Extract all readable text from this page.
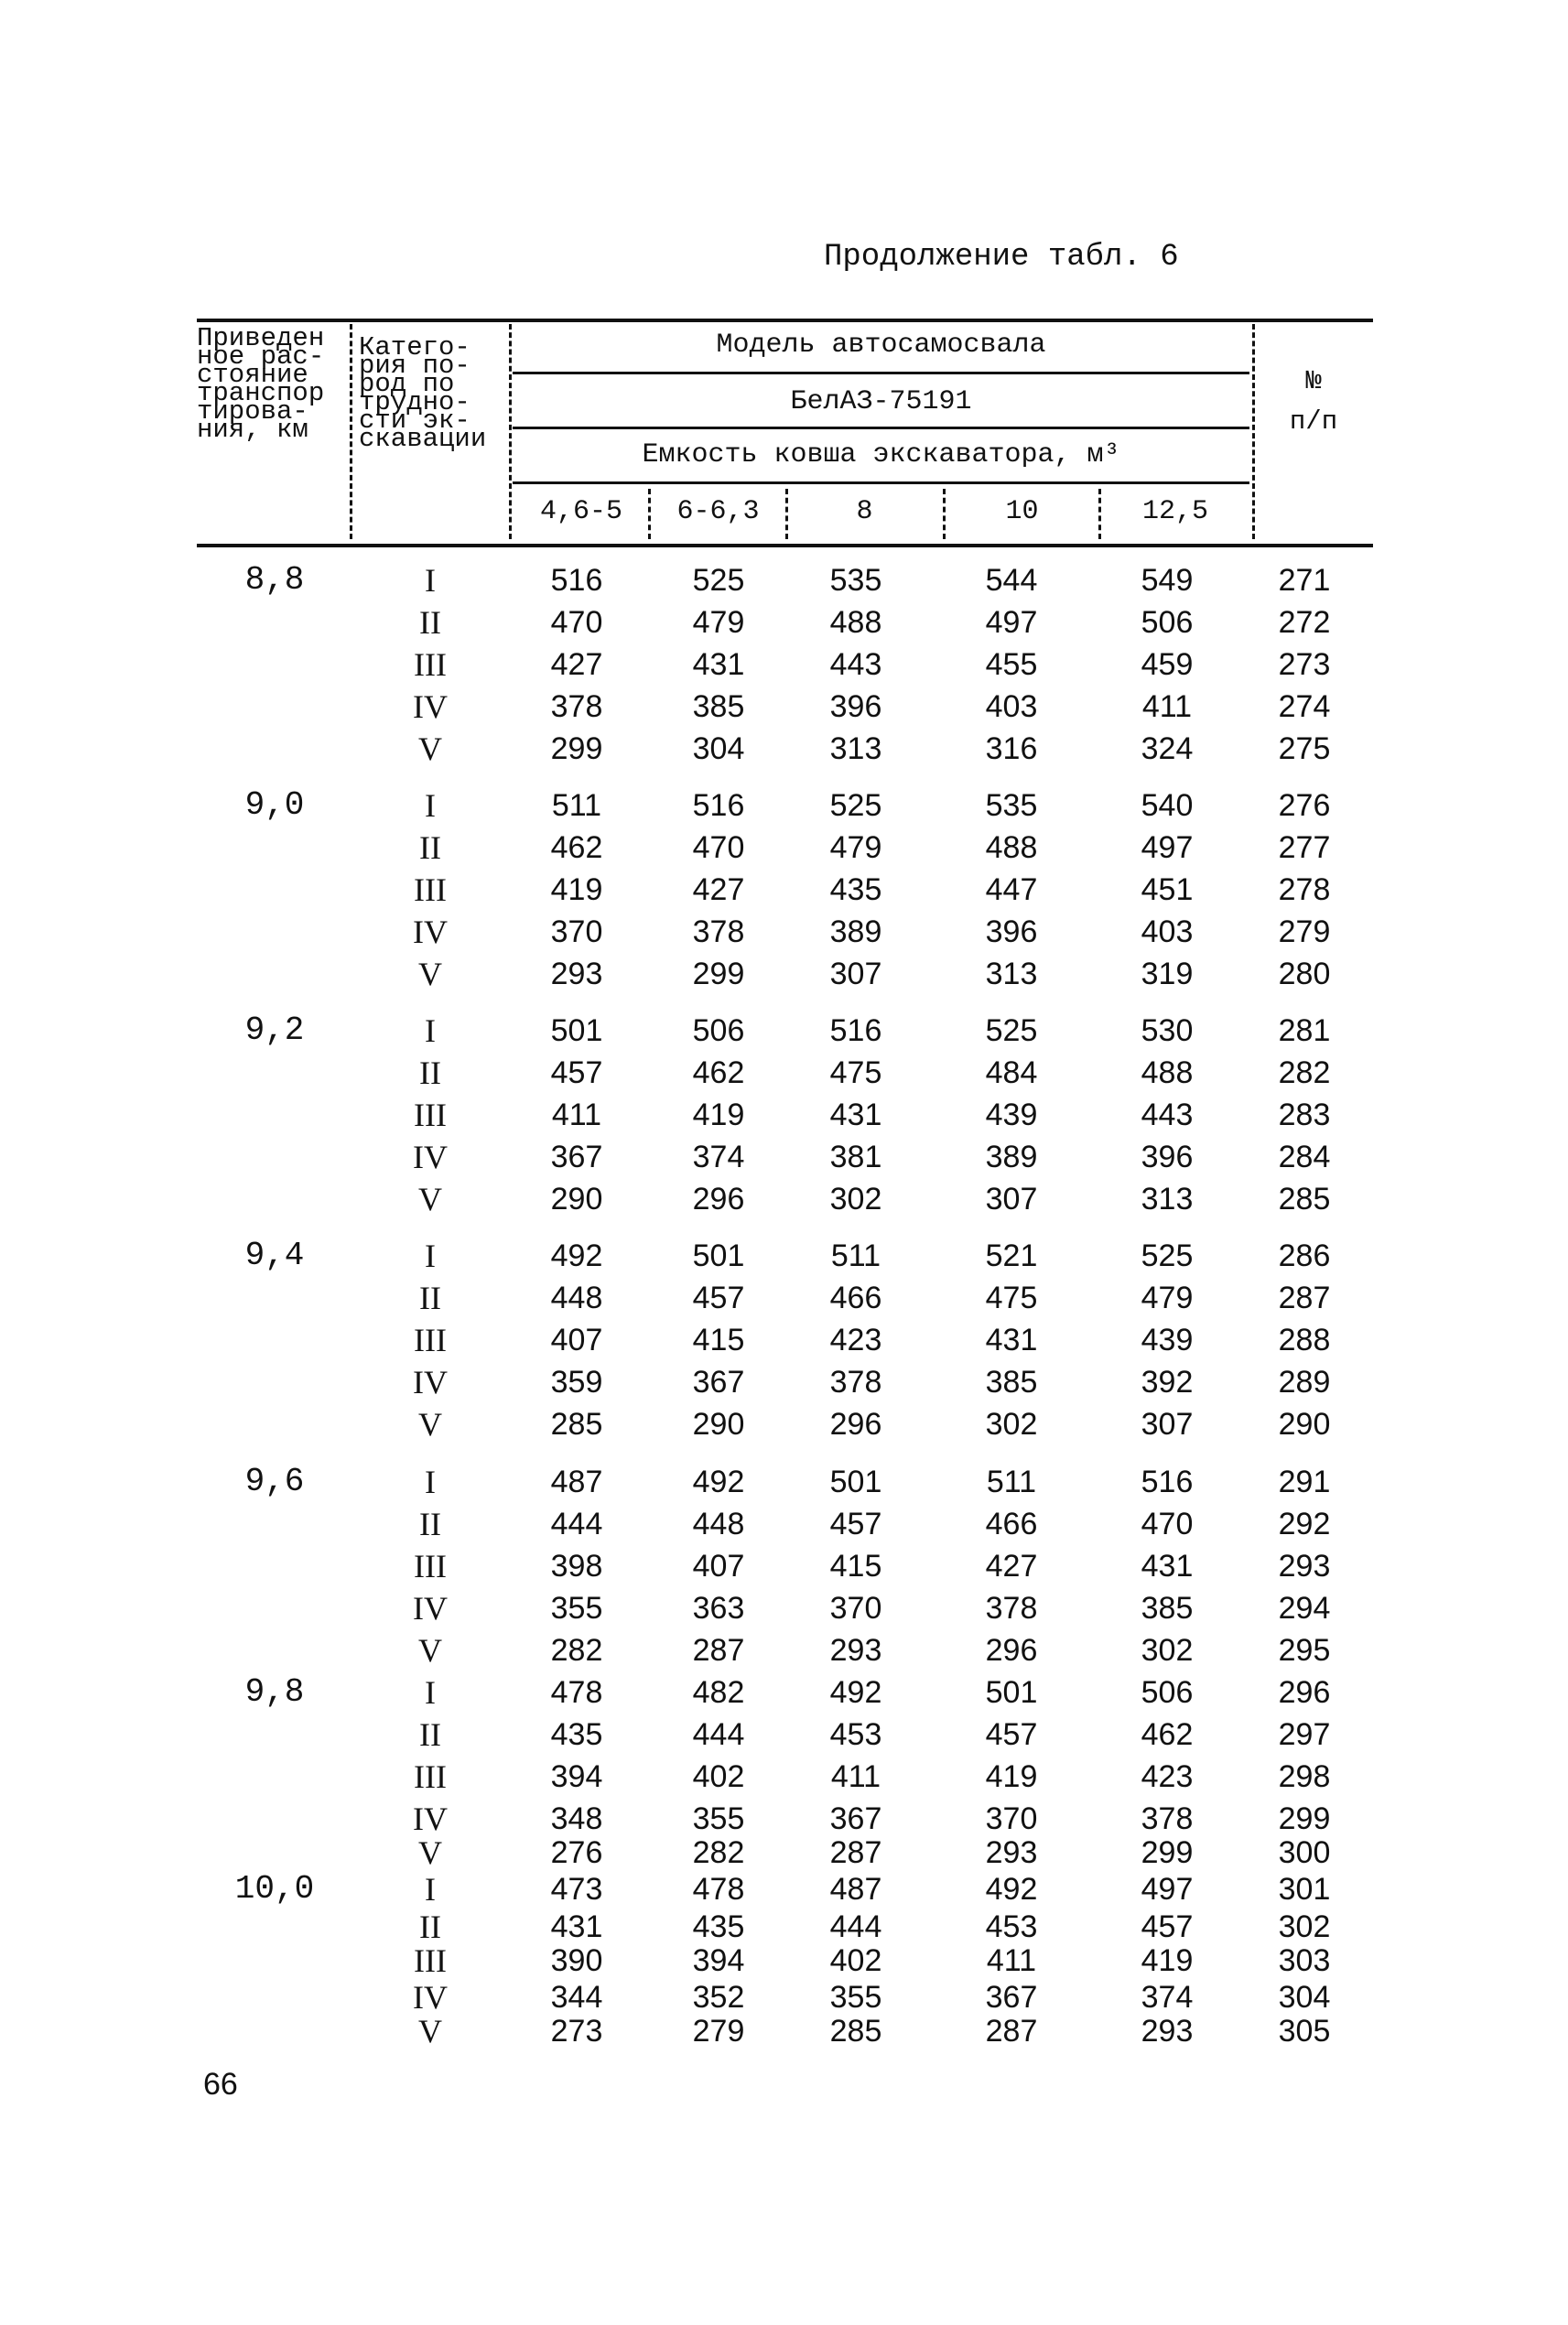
Продолжение табл. 6
Приведен
ное рас-
стояние
транспор
тирова-
ния, км
Катего-
рия по-
род по
трудно-
сти эк-
скавации
Модель автосамосвала
БелАЗ-75191
Емкость ковша экскаватора, м³
4,6-5	6-6,3	8	10	12,5
№
п/п
8,8	I	516	525	535	544	549	271
II	470	479	488	497	506	272
III	427	431	443	455	459	273
IV	378	385	396	403	411	274
V	299	304	313	316	324	275
9,0	I	511	516	525	535	540	276
II	462	470	479	488	497	277
III	419	427	435	447	451	278
IV	370	378	389	396	403	279
V	293	299	307	313	319	280
9,2	I	501	506	516	525	530	281
II	457	462	475	484	488	282
III	411	419	431	439	443	283
IV	367	374	381	389	396	284
V	290	296	302	307	313	285
9,4	I	492	501	511	521	525	286
II	448	457	466	475	479	287
III	407	415	423	431	439	288
IV	359	367	378	385	392	289
V	285	290	296	302	307	290
9,6	I	487	492	501	511	516	291
II	444	448	457	466	470	292
III	398	407	415	427	431	293
IV	355	363	370	378	385	294
V	282	287	293	296	302	295
9,8	I	478	482	492	501	506	296
II	435	444	453	457	462	297
III	394	402	411	419	423	298
IV	348	355	367	370	378	299
V	276	282	287	293	299	300
10,0	I	473	478	487	492	497	301
II	431	435	444	453	457	302
III	390	394	402	411	419	303
IV	344	352	355	367	374	304
V	273	279	285	287	293	305
66
